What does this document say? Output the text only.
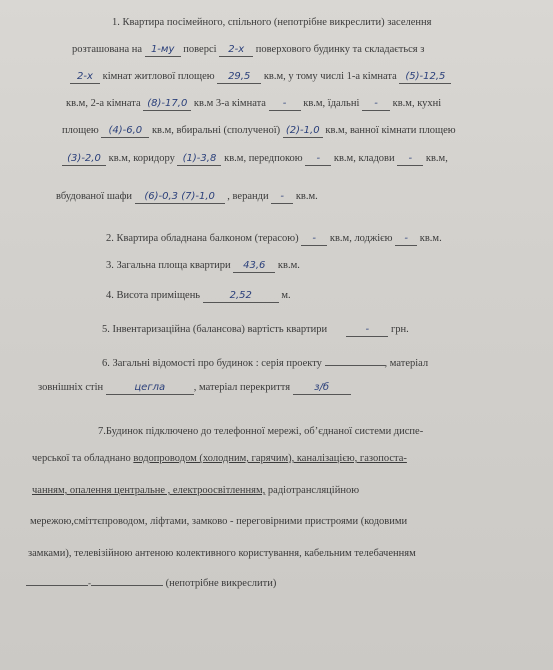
1. Квартира посімейного, спільного (непотрібне викреслити) заселення
розташована на 1-му поверсі 2-х поверхового будинку та складається з
2-х кімнат житлової площею 29,5 кв.м, у тому числі 1-а кімната (5)-12,5
кв.м, 2-а кімната (8)-17,0 кв.м 3-а кімната - кв.м, їдальні - кв.м, кухні
площею (4)-6,0 кв.м, вбиральні (сполученої) (2)-1,0 кв.м, ванної кімнати площею
(3)-2,0 кв.м, коридору (1)-3,8 кв.м, передпокою - кв.м, кладови - кв.м,
вбудованої шафи (6)-0,3 (7)-1,0 , веранди - кв.м.
2. Квартира обладнана балконом (терасою) - кв.м, лоджією - кв.м.
3. Загальна площа квартири 43,6 кв.м.
4. Висота приміщень	2,52	м.
5. Інвентаризаційна (балансова) вартість квартири	- грн.
6. Загальні відомості про будинок : серія проекту	, матеріал
зовнішніх стін	цегла	, матеріал перекриття з/б
7.Будинок підключено до телефонної мережі, об’єднаної системи диспе-
черської та обладнано водопроводом (холодним, гарячим), каналізацією, газопоста-
чанням, опалення центральне , електроосвітленням, радіотрансляційною
мережою,сміттєпроводом, ліфтами, замково - переговірними пристроями (кодовими
замками), телевізійною антеною колективного користування, кабельним телебаченням
-	(непотрібне викреслити)
